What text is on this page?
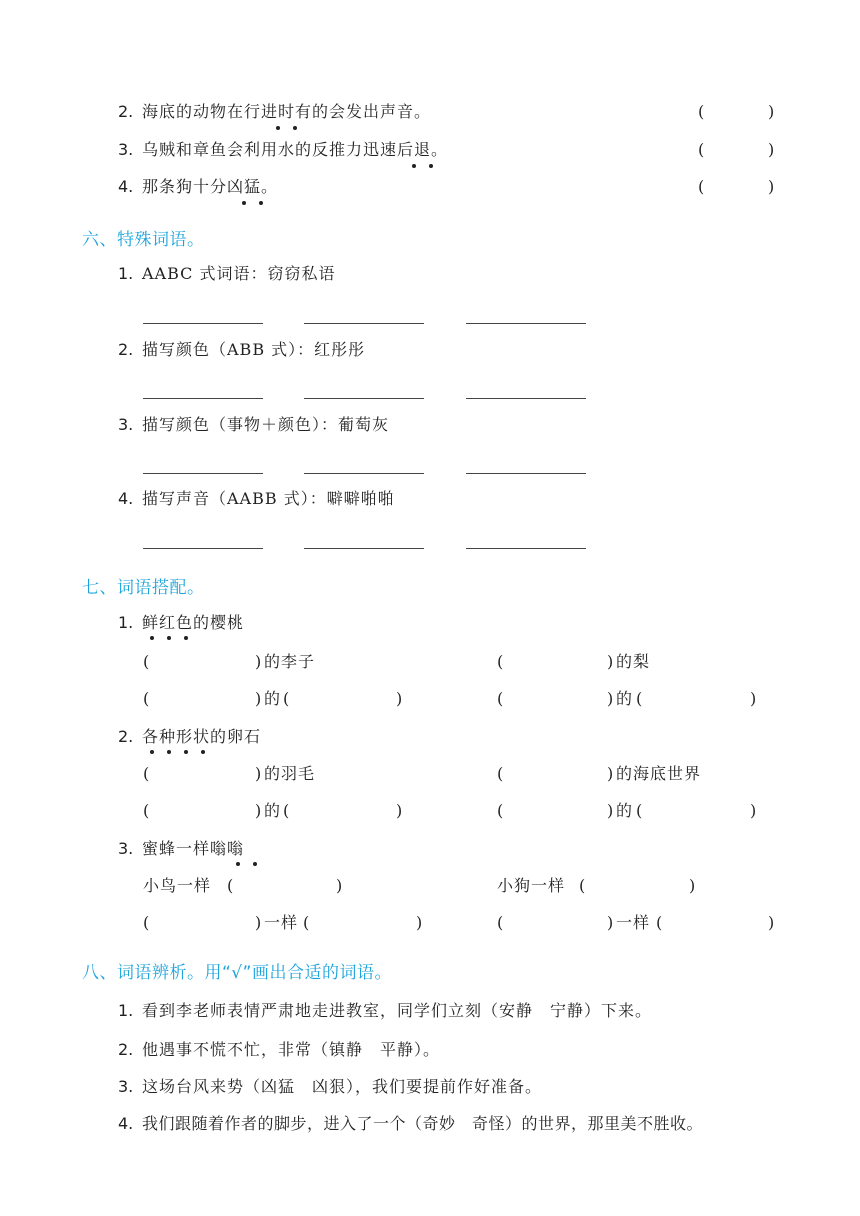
2. 海底的动物在行进时有的会发出声音。	(	)
3. 乌贼和章鱼会利用水的反推力迅速后退。	(	)
4. 那条狗十分凶猛。	(	)
六、特殊词语。
1. AABC 式词语：窃窃私语
2. 描写颜色（ABB 式）：红彤彤
3. 描写颜色（事物＋颜色）：葡萄灰
4. 描写声音（AABB 式）：噼噼啪啪
七、词语搭配。
1. 鲜红色的樱桃
(	) 的李子	(	) 的梨
(	) 的 (	)	(	) 的 (	)
2. 各种形状的卵石
(	) 的羽毛	(	) 的海底世界
(	) 的 (	)	(	) 的 (	)
3. 蜜蜂一样嗡嗡
小鸟一样 (	)	小狗一样 (	)
(	) 一样 (	)	(	) 一样 (	)
八、词语辨析。用“√”画出合适的词语。
1. 看到李老师表情严肃地走进教室，同学们立刻（安静　宁静）下来。
2. 他遇事不慌不忙，非常（镇静　平静）。
3. 这场台风来势（凶猛　凶狠），我们要提前作好准备。
4. 我们跟随着作者的脚步，进入了一个（奇妙　奇怪）的世界，那里美不胜收。
